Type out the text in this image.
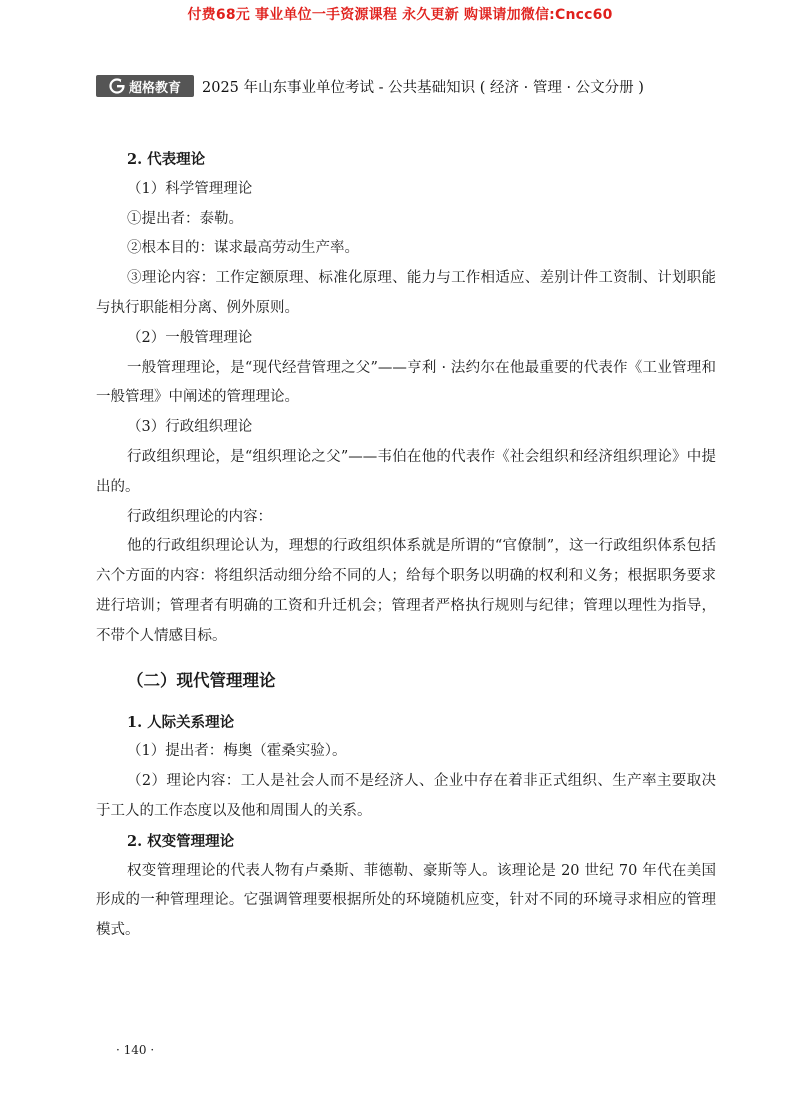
付费68元 事业单位一手资源课程 永久更新 购课请加微信:Cncc60
超格教育 2025 年山东事业单位考试 - 公共基础知识 ( 经济 · 管理 · 公文分册 )

2. 代表理论

（1）科学管理理论

①提出者：泰勒。

②根本目的：谋求最高劳动生产率。

③理论内容：工作定额原理、标准化原理、能力与工作相适应、差别计件工资制、计划职能与执行职能相分离、例外原则。

（2）一般管理理论

一般管理理论，是“现代经营管理之父”——亨利 · 法约尔在他最重要的代表作《工业管理和一般管理》中阐述的管理理论。

（3）行政组织理论

行政组织理论，是“组织理论之父”——韦伯在他的代表作《社会组织和经济组织理论》中提出的。

行政组织理论的内容：

他的行政组织理论认为，理想的行政组织体系就是所谓的“官僚制”，这一行政组织体系包括六个方面的内容：将组织活动细分给不同的人；给每个职务以明确的权利和义务；根据职务要求进行培训；管理者有明确的工资和升迁机会；管理者严格执行规则与纪律；管理以理性为指导，不带个人情感目标。

（二）现代管理理论

1. 人际关系理论

（1）提出者：梅奥（霍桑实验）。

（2）理论内容：工人是社会人而不是经济人、企业中存在着非正式组织、生产率主要取决于工人的工作态度以及他和周围人的关系。

2. 权变管理理论

权变管理理论的代表人物有卢桑斯、菲德勒、豪斯等人。该理论是 20 世纪 70 年代在美国形成的一种管理理论。它强调管理要根据所处的环境随机应变，针对不同的环境寻求相应的管理模式。

· 140 ·
